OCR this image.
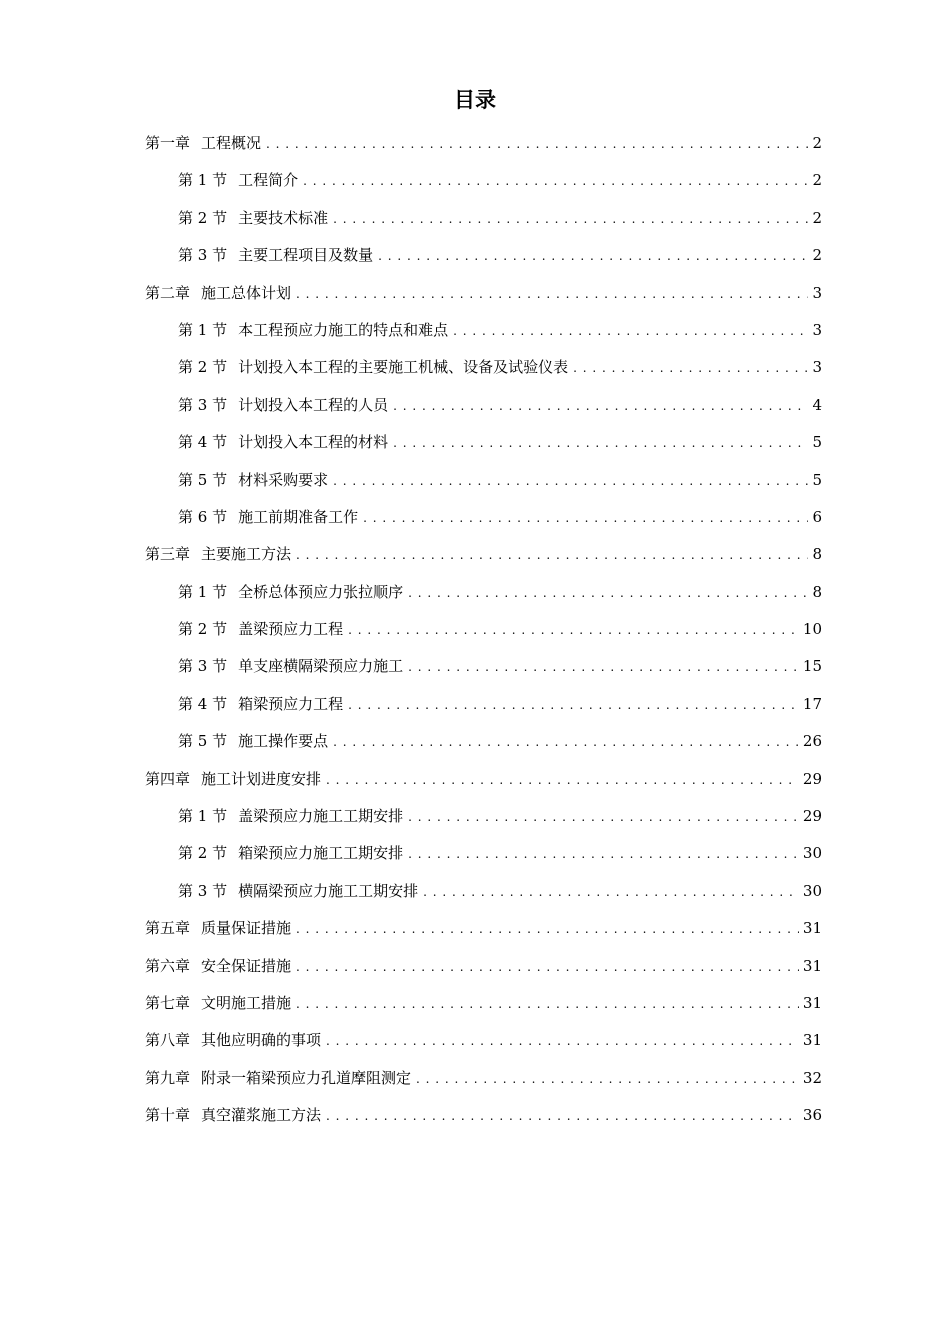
目录
第一章 工程概况 . . .	2
第 1 节 工程简介 . . .	2
第 2 节 主要技术标准 . . .	2
第 3 节 主要工程项目及数量 . . .	2
第二章 施工总体计划 . . .	3
第 1 节 本工程预应力施工的特点和难点 . . .	3
第 2 节 计划投入本工程的主要施工机械、设备及试验仪表 . . .	3
第 3 节 计划投入本工程的人员 . . .	4
第 4 节 计划投入本工程的材料 . . .	5
第 5 节 材料采购要求 . . .	5
第 6 节 施工前期准备工作 . . .	6
第三章 主要施工方法 . . .	8
第 1 节 全桥总体预应力张拉顺序 . . .	8
第 2 节 盖梁预应力工程 . . .	10
第 3 节 单支座横隔梁预应力施工 . . .	15
第 4 节 箱梁预应力工程 . . .	17
第 5 节 施工操作要点 . . .	26
第四章 施工计划进度安排 . . .	29
第 1 节 盖梁预应力施工工期安排 . . .	29
第 2 节 箱梁预应力施工工期安排 . . .	30
第 3 节 横隔梁预应力施工工期安排 . . .	30
第五章 质量保证措施 . . .	31
第六章 安全保证措施 . . .	31
第七章 文明施工措施 . . .	31
第八章 其他应明确的事项 . . .	31
第九章 附录一箱梁预应力孔道摩阻测定 . . .	32
第十章 真空灌浆施工方法 . . .	36
